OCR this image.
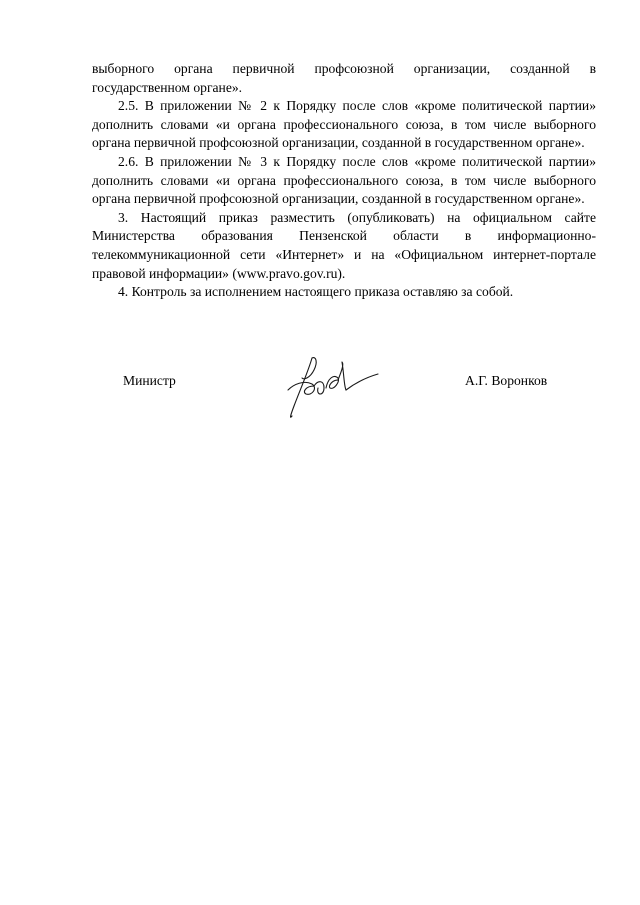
выборного органа первичной профсоюзной организации, созданной в государственном органе».

2.5. В приложении № 2 к Порядку после слов «кроме политической партии» дополнить словами «и органа профессионального союза, в том числе выборного органа первичной профсоюзной организации, созданной в государственном органе».

2.6. В приложении № 3 к Порядку после слов «кроме политической партии» дополнить словами «и органа профессионального союза, в том числе выборного органа первичной профсоюзной организации, созданной в государственном органе».

3. Настоящий приказ разместить (опубликовать) на официальном сайте Министерства образования Пензенской области в информационно-телекоммуникационной сети «Интернет» и на «Официальном интернет-портале правовой информации» (www.pravo.gov.ru).

4. Контроль за исполнением настоящего приказа оставляю за собой.

Министр	А.Г. Воронков
